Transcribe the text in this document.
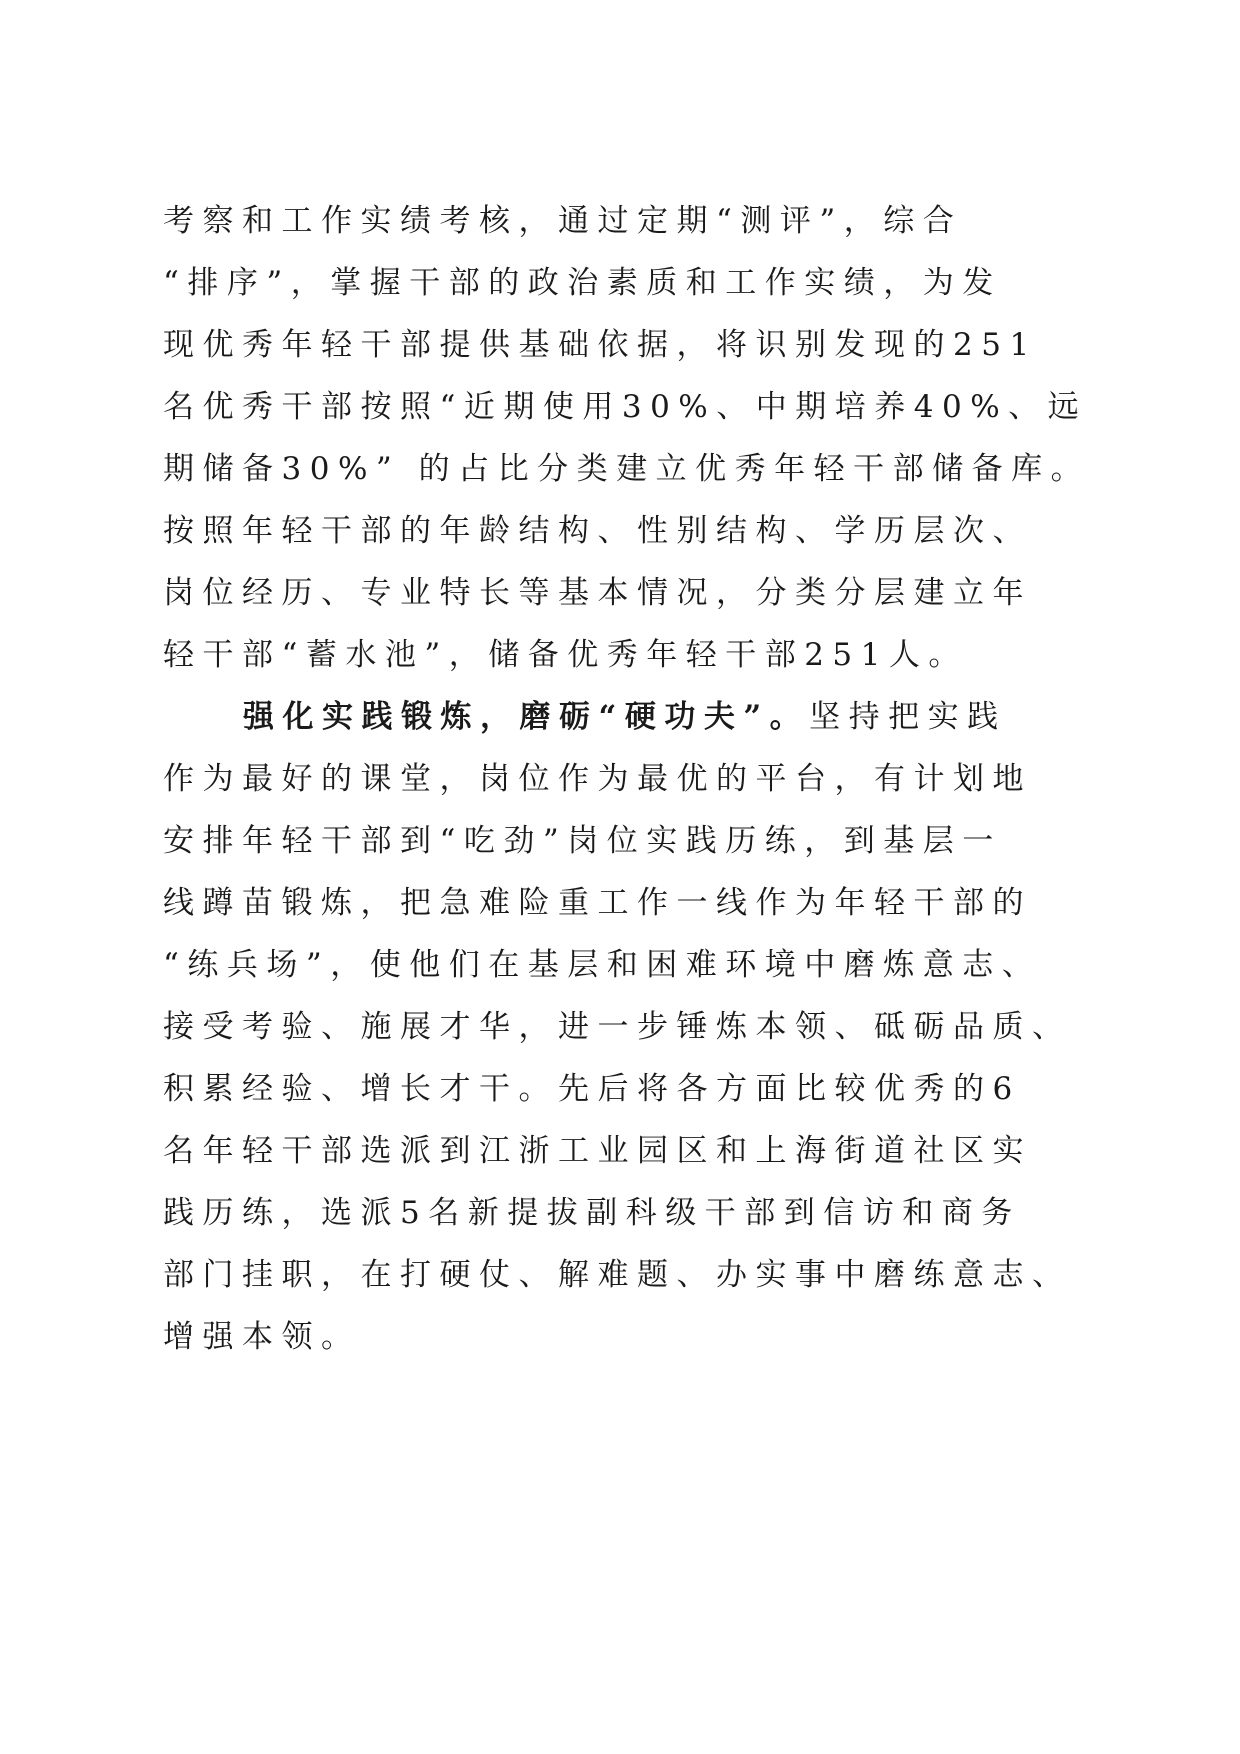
考察和工作实绩考核，通过定期“测评”，综合
“排序”，掌握干部的政治素质和工作实绩，为发
现优秀年轻干部提供基础依据，将识别发现的251
名优秀干部按照“近期使用30%、中期培养40%、远
期储备30%” 的占比分类建立优秀年轻干部储备库。
按照年轻干部的年龄结构、性别结构、学历层次、
岗位经历、专业特长等基本情况，分类分层建立年
轻干部“蓄水池”，储备优秀年轻干部251人。
强化实践锻炼，磨砺“硬功夫”。坚持把实践
作为最好的课堂，岗位作为最优的平台，有计划地
安排年轻干部到“吃劲”岗位实践历练，到基层一
线蹲苗锻炼，把急难险重工作一线作为年轻干部的
“练兵场”，使他们在基层和困难环境中磨炼意志、
接受考验、施展才华，进一步锤炼本领、砥砺品质、
积累经验、增长才干。先后将各方面比较优秀的6
名年轻干部选派到江浙工业园区和上海街道社区实
践历练，选派5名新提拔副科级干部到信访和商务
部门挂职，在打硬仗、解难题、办实事中磨练意志、
增强本领。
